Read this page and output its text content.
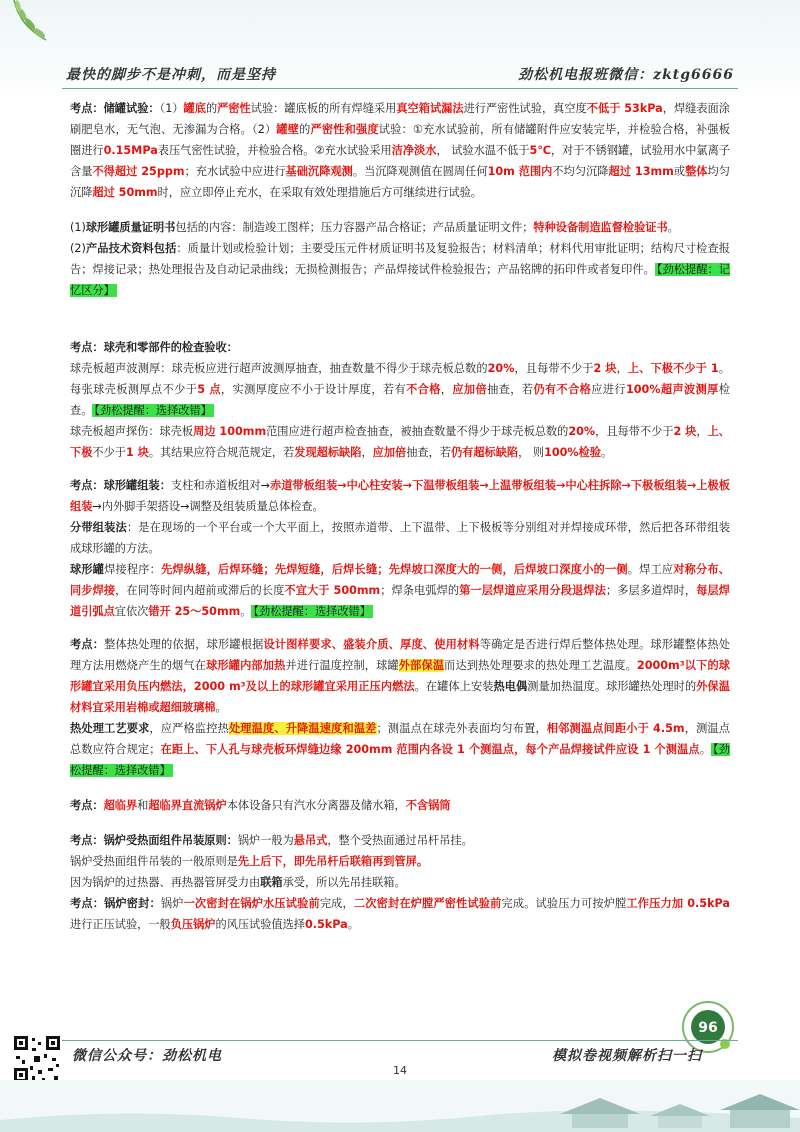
最快的脚步不是冲刺，而是坚持	劲松机电报班微信：zktg6666

考点：储罐试验：（1）罐底的严密性试验：罐底板的所有焊缝采用真空箱试漏法进行严密性试验，真空度不低于 53kPa，焊缝表面涂刷肥皂水，无气泡、无渗漏为合格。（2）罐壁的严密性和强度试验：①充水试验前，所有储罐附件应安装完毕，并检验合格，补强板圈进行0.15MPa表压气密性试验，并检验合格。②充水试验采用洁净淡水， 试验水温不低于5℃，对于不锈钢罐，试验用水中氯离子含量不得超过 25ppm；充水试验中应进行基础沉降观测。当沉降观测值在圆周任何10m 范围内不均匀沉降超过 13mm或整体均匀沉降超过 50mm时，应立即停止充水，在采取有效处理措施后方可继续进行试验。

(1)球形罐质量证明书包括的内容：制造竣工图样；压力容器产品合格证；产品质量证明文件；特种设备制造监督检验证书。

(2)产品技术资料包括：质量计划或检验计划；主要受压元件材质证明书及复验报告；材料清单；材料代用审批证明；结构尺寸检查报告；焊接记录；热处理报告及自动记录曲线；无损检测报告；产品焊接试件检验报告；产品铭牌的拓印件或者复印件。 【劲松提醒：记忆区分】

考点：球壳和零部件的检查验收：

球壳板超声波测厚：球壳板应进行超声波测厚抽查，抽查数量不得少于球壳板总数的20%，且每带不少于2 块，上、下极不少于 1。每张球壳板测厚点不少于5 点，实测厚度应不小于设计厚度，若有不合格，应加倍抽查，若仍有不合格应进行100%超声波测厚检查。 【劲松提醒：选择改错】

球壳板超声探伤：球壳板周边 100mm范围应进行超声检查抽查，被抽查数量不得少于球壳板总数的20%，且每带不少于2 块，上、下极不少于1 块。其结果应符合规范规定，若发现超标缺陷，应加倍抽查，若仍有超标缺陷， 则100%检验。

考点：球形罐组装：支柱和赤道板组对→赤道带板组装→中心柱安装→下温带板组装→上温带板组装→中心柱拆除→下极板组装→上极板组装→内外脚手架搭设→调整及组装质量总体检查。

分带组装法：是在现场的一个平台或一个大平面上，按照赤道带、上下温带、上下极板等分别组对并焊接成环带，然后把各环带组装成球形罐的方法。

球形罐焊接程序：先焊纵缝，后焊环缝；先焊短缝，后焊长缝；先焊坡口深度大的一侧，后焊坡口深度小的一侧。焊工应对称分布、同步焊接，在同等时间内超前或滞后的长度不宜大于 500mm；焊条电弧焊的第一层焊道应采用分段退焊法；多层多道焊时，每层焊道引弧点宜依次错开 25～50mm。 【劲松提醒：选择改错】

考点：整体热处理的依据，球形罐根据设计图样要求、盛装介质、厚度、使用材料等确定是否进行焊后整体热处理。球形罐整体热处理方法用燃烧产生的烟气在球形罐内部加热并进行温度控制，球罐外部保温而达到热处理要求的热处理工艺温度。2000m³以下的球形罐宜采用负压内燃法，2000 m³及以上的球形罐宜采用正压内燃法。在罐体上安装热电偶测量加热温度。球形罐热处理时的外保温材料宜采用岩棉或超细玻璃棉。

热处理工艺要求，应严格监控热处理温度、升降温速度和温差；测温点在球壳外表面均匀布置，相邻测温点间距小于 4.5m，测温点总数应符合规定；在距上、下人孔与球壳板环焊缝边缘 200mm 范围内各设 1 个测温点，每个产品焊接试件应设 1 个测温点。 【劲松提醒：选择改错】

考点：超临界和超临界直流锅炉本体设备只有汽水分离器及储水箱，不含锅筒

考点：锅炉受热面组件吊装原则：锅炉一般为悬吊式，整个受热面通过吊杆吊挂。

锅炉受热面组件吊装的一般原则是先上后下，即先吊杆后联箱再到管屏。

因为锅炉的过热器、再热器管屏受力由联箱承受，所以先吊挂联箱。

考点：锅炉密封：锅炉一次密封在锅炉水压试验前完成，二次密封在炉膛严密性试验前完成。试验压力可按炉膛工作压力加 0.5kPa进行正压试验，一般负压锅炉的风压试验值选择0.5kPa。

96
微信公众号：劲松机电	模拟卷视频解析扫一扫
14
